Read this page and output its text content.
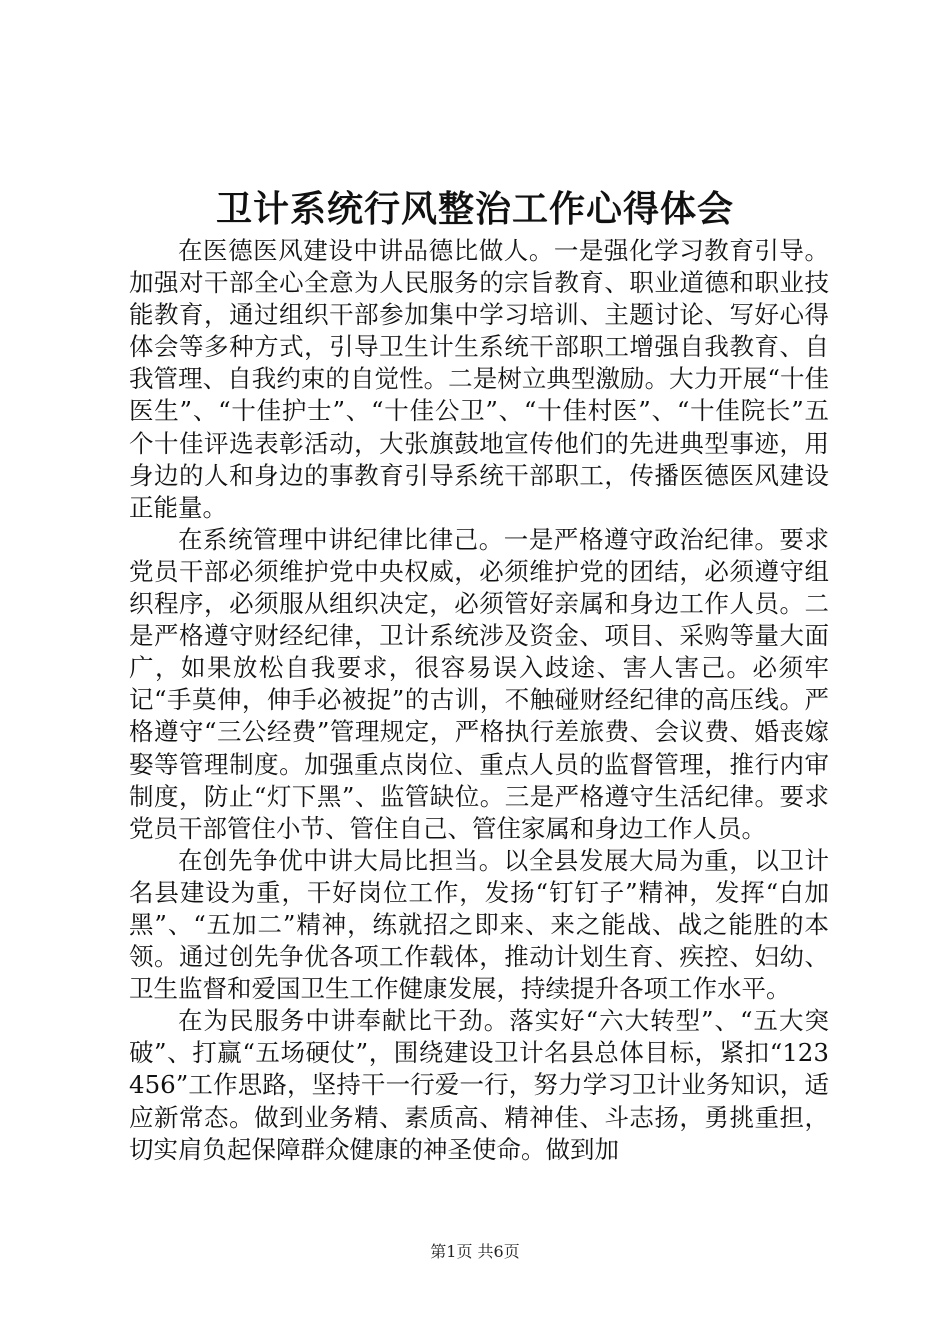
卫计系统行风整治工作心得体会

在医德医风建设中讲品德比做人。一是强化学习教育引导。加强对干部全心全意为人民服务的宗旨教育、职业道德和职业技能教育，通过组织干部参加集中学习培训、主题讨论、写好心得体会等多种方式，引导卫生计生系统干部职工增强自我教育、自我管理、自我约束的自觉性。二是树立典型激励。大力开展“十佳医生”、“十佳护士”、“十佳公卫”、“十佳村医”、“十佳院长”五个十佳评选表彰活动，大张旗鼓地宣传他们的先进典型事迹，用身边的人和身边的事教育引导系统干部职工，传播医德医风建设正能量。

在系统管理中讲纪律比律己。一是严格遵守政治纪律。要求党员干部必须维护党中央权威，必须维护党的团结，必须遵守组织程序，必须服从组织决定，必须管好亲属和身边工作人员。二是严格遵守财经纪律，卫计系统涉及资金、项目、采购等量大面广，如果放松自我要求，很容易误入歧途、害人害己。必须牢记“手莫伸，伸手必被捉”的古训，不触碰财经纪律的高压线。严格遵守“三公经费”管理规定，严格执行差旅费、会议费、婚丧嫁娶等管理制度。加强重点岗位、重点人员的监督管理，推行内审制度，防止“灯下黑”、监管缺位。三是严格遵守生活纪律。要求党员干部管住小节、管住自己、管住家属和身边工作人员。

在创先争优中讲大局比担当。以全县发展大局为重，以卫计名县建设为重，干好岗位工作，发扬“钉钉子”精神，发挥“白加黑”、“五加二”精神，练就招之即来、来之能战、战之能胜的本领。通过创先争优各项工作载体，推动计划生育、疾控、妇幼、卫生监督和爱国卫生工作健康发展，持续提升各项工作水平。

在为民服务中讲奉献比干劲。落实好“六大转型”、“五大突破”、打赢“五场硬仗”，围绕建设卫计名县总体目标，紧扣“123456”工作思路，坚持干一行爱一行，努力学习卫计业务知识，适应新常态。做到业务精、素质高、精神佳、斗志扬，勇挑重担，切实肩负起保障群众健康的神圣使命。做到加

第1页 共6页
